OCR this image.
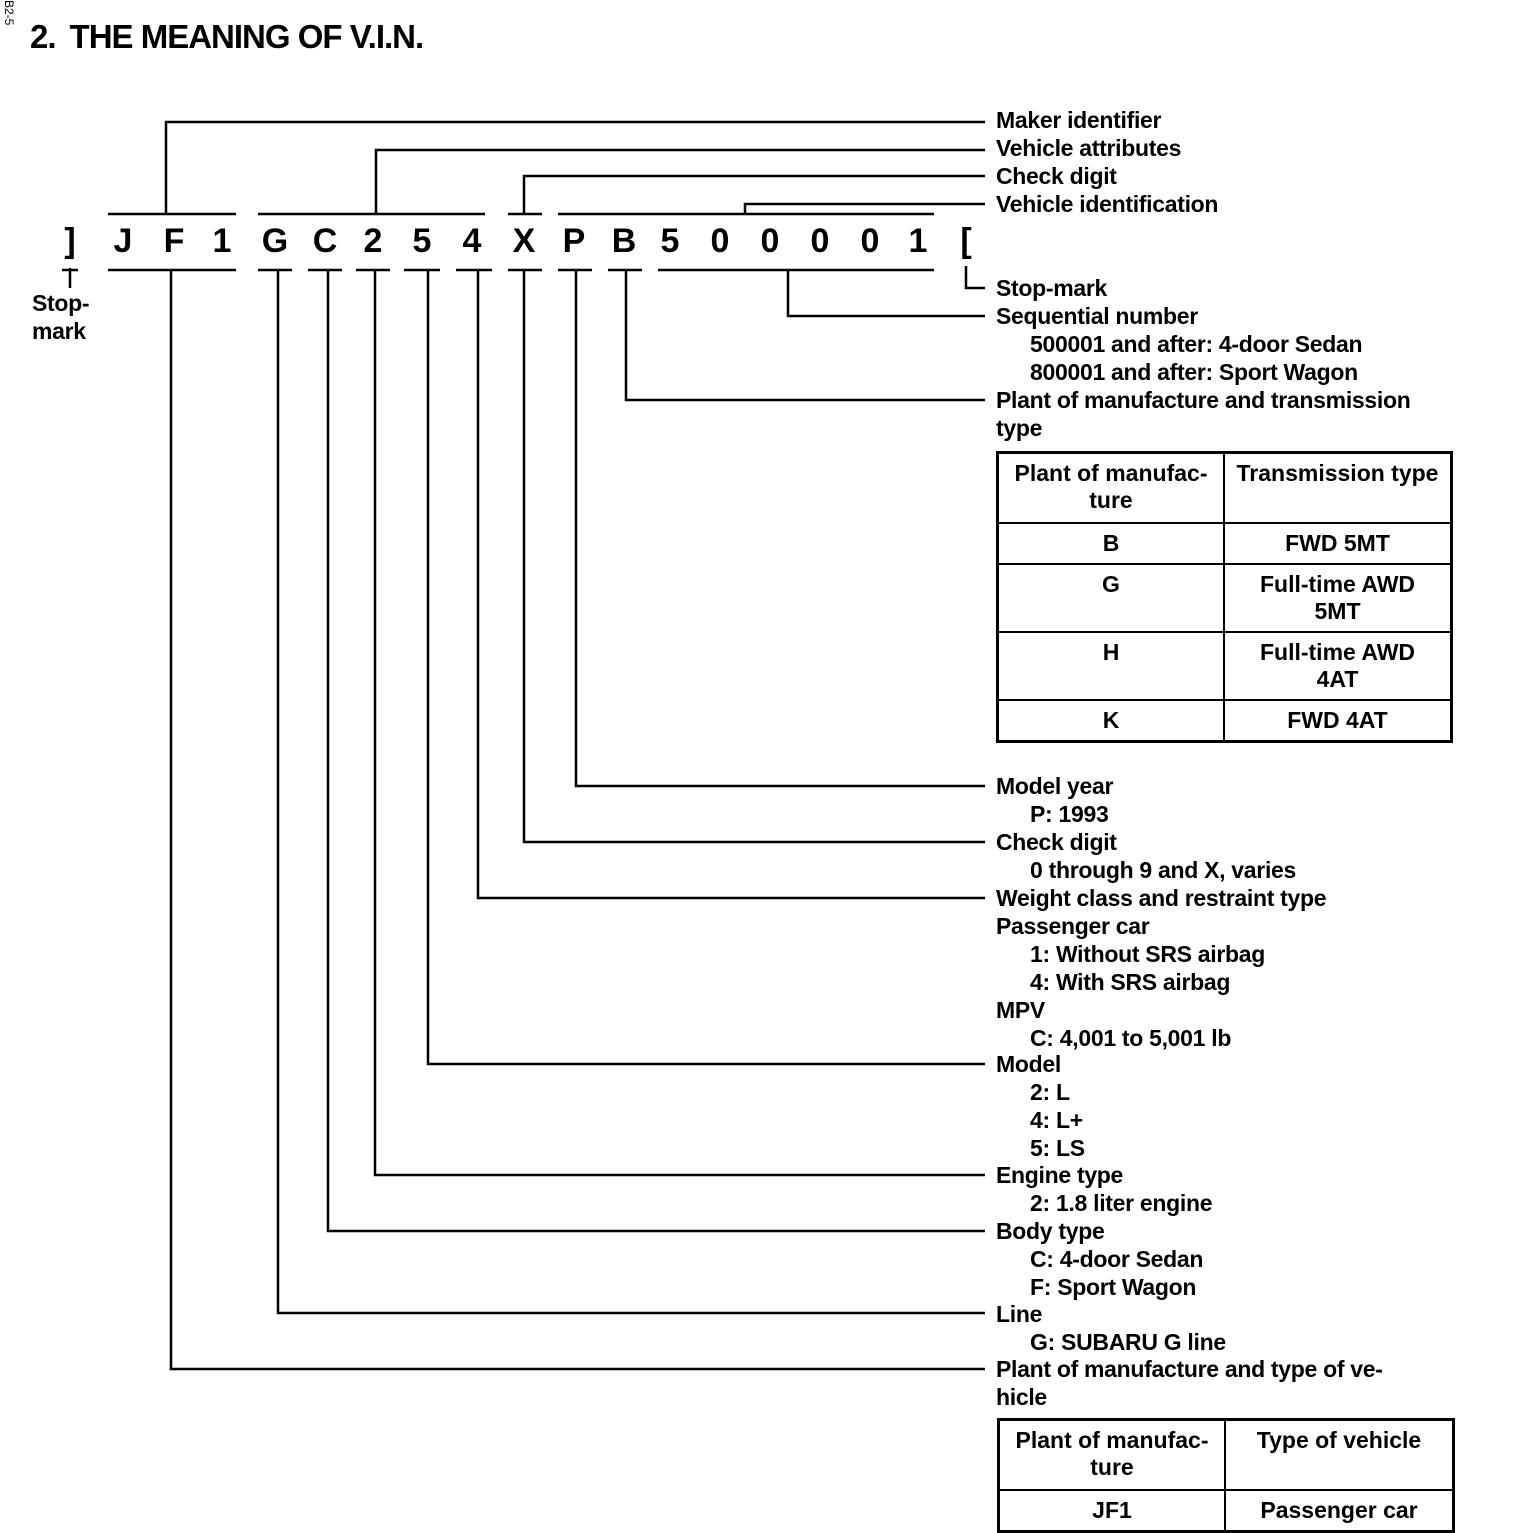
B2-5
2. THE MEANING OF V.I.N.
]	J F 1 G C 2 5 4 X P B 5 0 0 0 0 1 [
Stop-
mark
Maker identifier
Vehicle attributes
Check digit
Vehicle identification
Stop-mark
Sequential number
500001 and after: 4-door Sedan
800001 and after: Sport Wagon
Plant of manufacture and transmission
type
Plant of manufac-
ture	Transmission type
B	FWD 5MT
G	Full-time AWD
5MT
H	Full-time AWD
4AT
K	FWD 4AT
Model year
P: 1993
Check digit
0 through 9 and X, varies
Weight class and restraint type
Passenger car
1: Without SRS airbag
4: With SRS airbag
MPV
C: 4,001 to 5,001 lb
Model
2: L
4: L+
5: LS
Engine type
2: 1.8 liter engine
Body type
C: 4-door Sedan
F: Sport Wagon
Line
G: SUBARU G line
Plant of manufacture and type of ve-
hicle
Plant of manufac-
ture	Type of vehicle
JF1	Passenger car
